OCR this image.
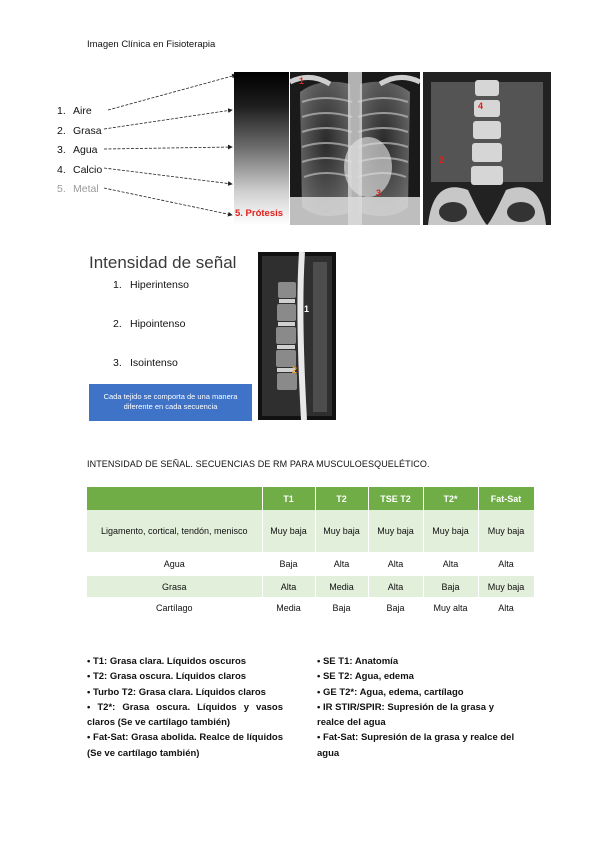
Imagen Clínica en Fisioterapia
1. Aire
2. Grasa
3. Agua
4. Calcio
5. Metal
5. Prótesis
1
3
4
2
Intensidad de señal
1. Hiperintenso
2. Hipointenso
3. Isointenso
Cada tejido se comporta de una manera diferente en cada secuencia
1
2
INTENSIDAD DE SEÑAL. SECUENCIAS DE RM PARA MUSCULOESQUELÉTICO.
	T1	T2	TSE T2	T2*	Fat-Sat
Ligamento, cortical, tendón, menisco	Muy baja	Muy baja	Muy baja	Muy baja	Muy baja
Agua	Baja	Alta	Alta	Alta	Alta
Grasa	Alta	Media	Alta	Baja	Muy baja
Cartílago	Media	Baja	Baja	Muy alta	Alta
• T1: Grasa clara. Líquidos oscuros
• T2: Grasa oscura. Líquidos claros
• Turbo T2: Grasa clara. Líquidos claros
• T2*: Grasa oscura. Líquidos y vasos claros (Se ve cartílago también)
• Fat-Sat: Grasa abolida. Realce de líquidos (Se ve cartílago también)
• SE T1: Anatomía
• SE T2: Agua, edema
• GE T2*: Agua, edema, cartílago
• IR STIR/SPIR: Supresión de la grasa y realce del agua
• Fat-Sat: Supresión de la grasa y realce del agua
